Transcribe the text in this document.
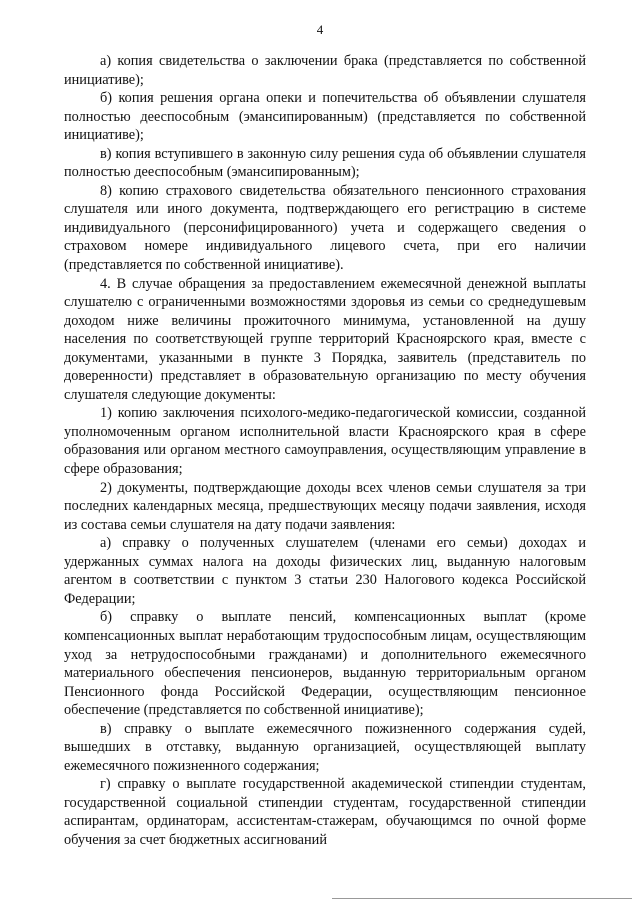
4

а) копия свидетельства о заключении брака (представляется по собственной инициативе);

б) копия решения органа опеки и попечительства об объявлении слушателя полностью дееспособным (эмансипированным) (представляется по собственной инициативе);

в) копия вступившего в законную силу решения суда об объявлении слушателя полностью дееспособным (эмансипированным);

8) копию страхового свидетельства обязательного пенсионного страхования слушателя или иного документа, подтверждающего его регистрацию в системе индивидуального (персонифицированного) учета и содержащего сведения о страховом номере индивидуального лицевого счета, при его наличии (представляется по собственной инициативе).

4. В случае обращения за предоставлением ежемесячной денежной выплаты слушателю с ограниченными возможностями здоровья из семьи со среднедушевым доходом ниже величины прожиточного минимума, установленной на душу населения по соответствующей группе территорий Красноярского края, вместе с документами, указанными в пункте 3 Порядка, заявитель (представитель по доверенности) представляет в образовательную организацию по месту обучения слушателя следующие документы:

1) копию заключения психолого-медико-педагогической комиссии, созданной уполномоченным органом исполнительной власти Красноярского края в сфере образования или органом местного самоуправления, осуществляющим управление в сфере образования;

2) документы, подтверждающие доходы всех членов семьи слушателя за три последних календарных месяца, предшествующих месяцу подачи заявления, исходя из состава семьи слушателя на дату подачи заявления:

а) справку о полученных слушателем (членами его семьи) доходах и удержанных суммах налога на доходы физических лиц, выданную налоговым агентом в соответствии с пунктом 3 статьи 230 Налогового кодекса Российской Федерации;

б) справку о выплате пенсий, компенсационных выплат (кроме компенсационных выплат неработающим трудоспособным лицам, осуществляющим уход за нетрудоспособными гражданами) и дополнительного ежемесячного материального обеспечения пенсионеров, выданную территориальным органом Пенсионного фонда Российской Федерации, осуществляющим пенсионное обеспечение (представляется по собственной инициативе);

в) справку о выплате ежемесячного пожизненного содержания судей, вышедших в отставку, выданную организацией, осуществляющей выплату ежемесячного пожизненного содержания;

г) справку о выплате государственной академической стипендии студентам, государственной социальной стипендии студентам, государственной стипендии аспирантам, ординаторам, ассистентам-стажерам, обучающимся по очной форме обучения за счет бюджетных ассигнований
